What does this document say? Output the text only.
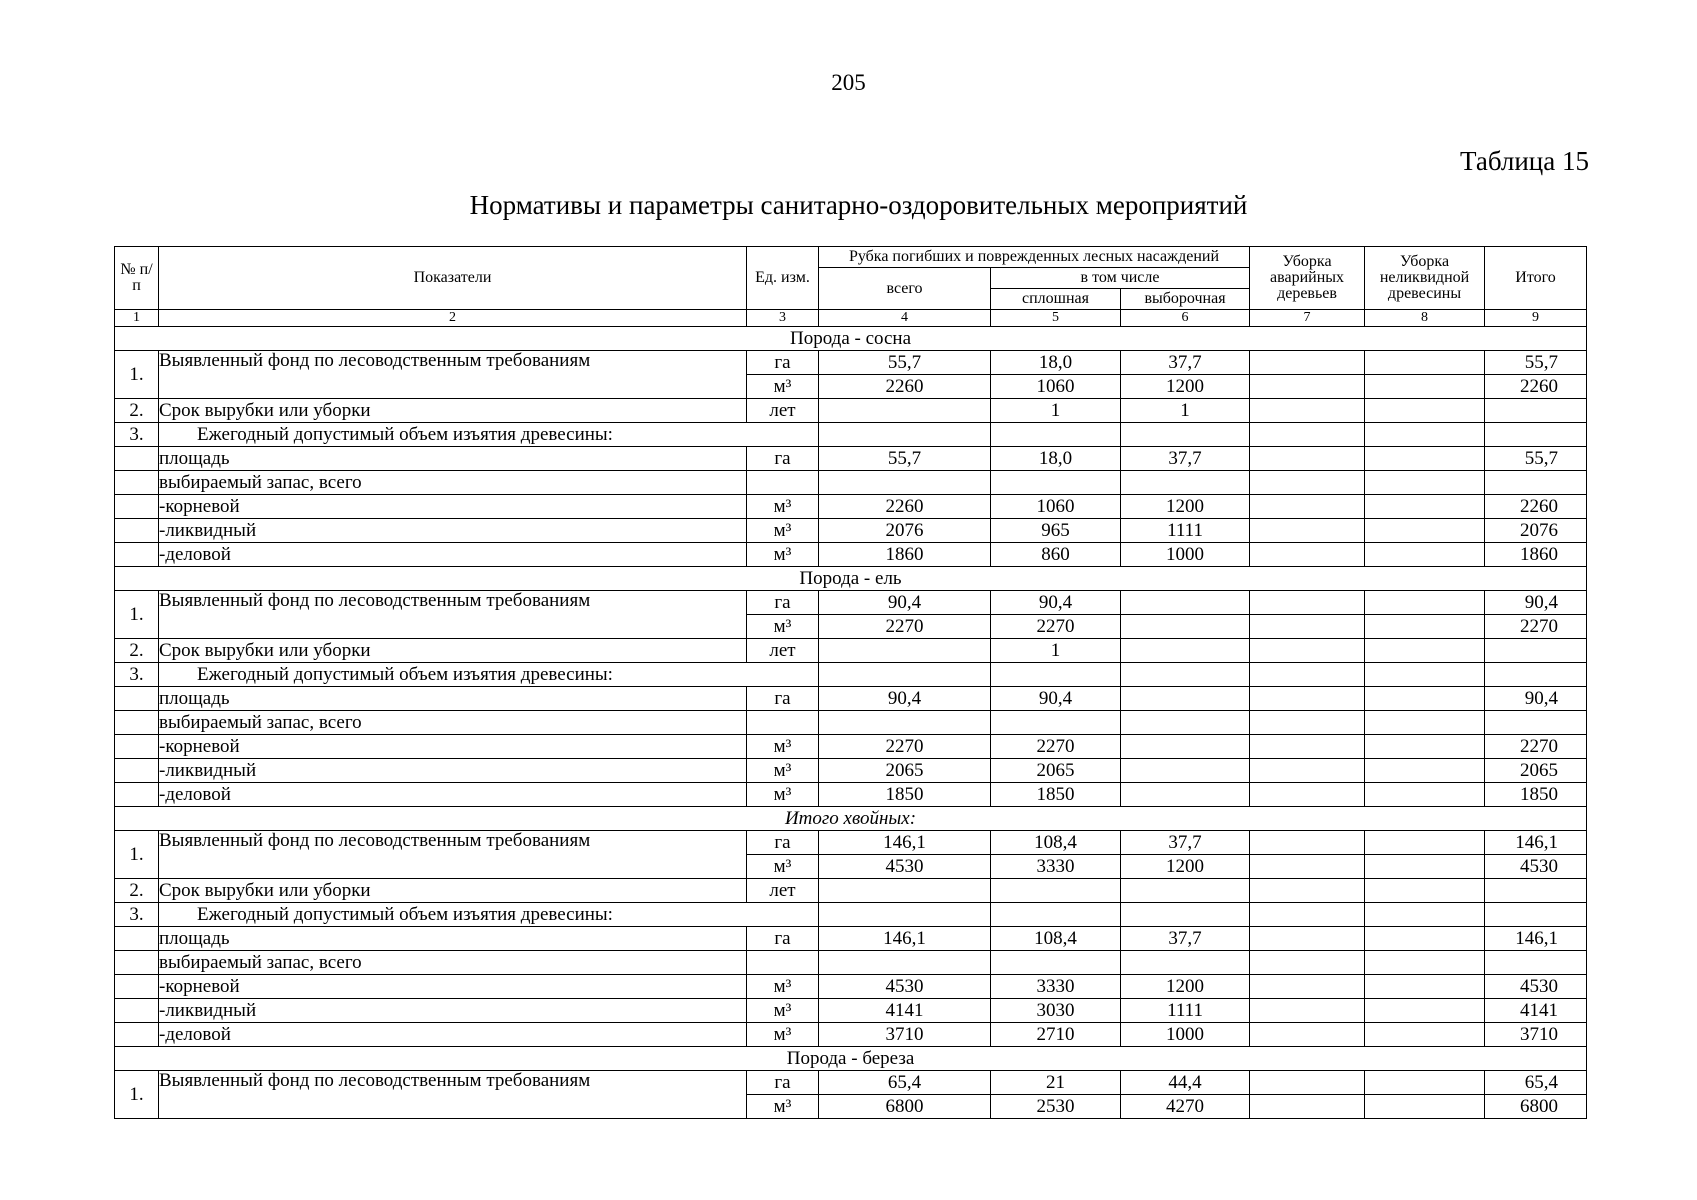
205
Таблица 15
Нормативы и параметры санитарно-оздоровительных мероприятий
№ п/п	Показатели	Ед. изм.	Рубка погибших и поврежденных лесных насаждений			Уборка аварийных деревьев	Уборка неликвидной древесины	Итого
			всего	в том числе				
				сплошная	выборочная			
1	2	3	4	5	6	7	8	9
Порода - сосна								
1.	Выявленный фонд по лесоводственным требованиям	га	55,7	18,0	37,7			55,7
		м³	2260	1060	1200			2260
2.	Срок вырубки или уборки	лет		1	1			
3.	Ежегодный допустимый объем изъятия древесины:							
	площадь	га	55,7	18,0	37,7			55,7
	выбираемый запас, всего							
	-корневой	м³	2260	1060	1200			2260
	-ликвидный	м³	2076	965	1111			2076
	-деловой	м³	1860	860	1000			1860
Порода - ель								
1.	Выявленный фонд по лесоводственным требованиям	га	90,4	90,4				90,4
		м³	2270	2270				2270
2.	Срок вырубки или уборки	лет		1				
3.	Ежегодный допустимый объем изъятия древесины:							
	площадь	га	90,4	90,4				90,4
	выбираемый запас, всего							
	-корневой	м³	2270	2270				2270
	-ликвидный	м³	2065	2065				2065
	-деловой	м³	1850	1850				1850
Итого хвойных:								
1.	Выявленный фонд по лесоводственным требованиям	га	146,1	108,4	37,7			146,1
		м³	4530	3330	1200			4530
2.	Срок вырубки или уборки	лет						
3.	Ежегодный допустимый объем изъятия древесины:							
	площадь	га	146,1	108,4	37,7			146,1
	выбираемый запас, всего							
	-корневой	м³	4530	3330	1200			4530
	-ликвидный	м³	4141	3030	1111			4141
	-деловой	м³	3710	2710	1000			3710
Порода - береза								
1.	Выявленный фонд по лесоводственным требованиям	га	65,4	21	44,4			65,4
		м³	6800	2530	4270			6800
